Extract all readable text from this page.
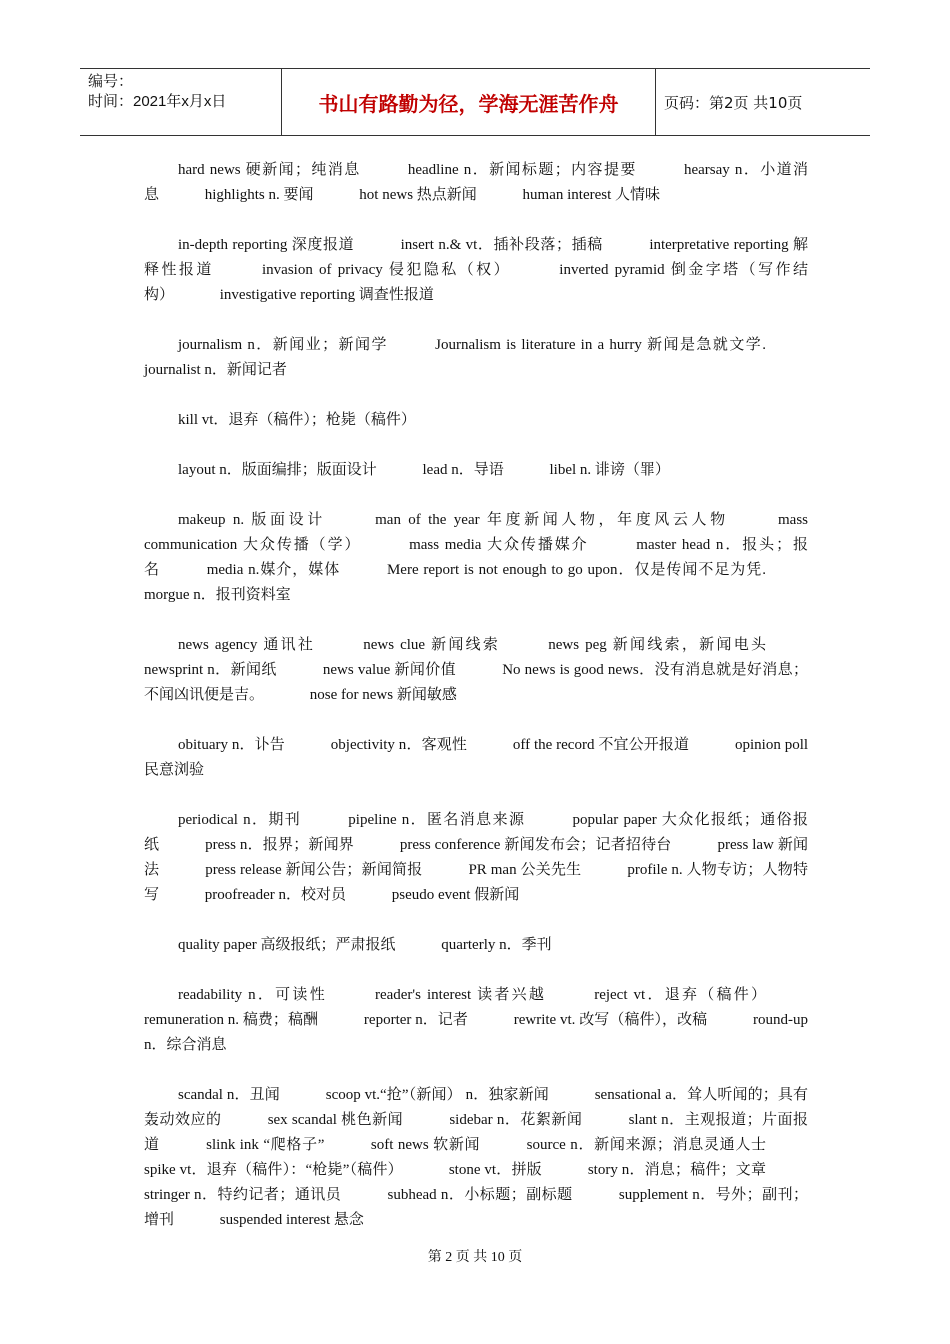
编号：
时间：2021年x月x日	书山有路勤为径，学海无涯苦作舟	页码：第2页 共10页

hard news 硬新闻；纯消息	headline n．新闻标题；内容提要	hearsay n．小道消息	highlights n. 要闻	hot news 热点新闻	human interest 人情味

in-depth reporting 深度报道	insert n.& vt．插补段落；插稿	interpretative reporting 解释性报道	invasion of privacy 侵犯隐私（权）	inverted pyramid 倒金字塔（写作结构）	investigative reporting 调查性报道

journalism n．新闻业；新闻学	Journalism is literature in a hurry 新闻是急就文学. journalist n．新闻记者

kill vt．退弃（稿件）；枪毙（稿件）

layout n．版面编排；版面设计	lead n．导语	libel n. 诽谤（罪）

makeup n. 版面设计	man of the year 年度新闻人物，年度风云人物	mass communication 大众传播（学）	mass media 大众传播媒介	master head n．报头；报名	media n.媒介，媒体	Mere report is not enough to go upon．仅是传闻不足为凭. morgue n．报刊资料室

news agency 通讯社	news clue 新闻线索	news peg 新闻线索，新闻电头 newsprint n．新闻纸	news value 新闻价值	No news is good news．没有消息就是好消息；不闻凶讯便是吉。	nose for news 新闻敏感

obituary n．讣告	objectivity n．客观性	off the record 不宜公开报道	opinion poll 民意浏验

periodical n．期刊	pipeline n．匿名消息来源	popular paper 大众化报纸；通俗报纸	press n．报界；新闻界	press conference 新闻发布会；记者招待台	press law 新闻法	press release 新闻公告；新闻简报	PR man 公关先生	profile n. 人物专访；人物特写	proofreader n．校对员	pseudo event 假新闻

quality paper 高级报纸；严肃报纸	quarterly n．季刊

readability n．可读性	reader's interest 读者兴越	reject vt．退弃（稿件） remuneration n. 稿费；稿酬	reporter n．记者	rewrite vt. 改写（稿件），改稿	round-up n．综合消息

scandal n．丑闻	scoop vt.“抢”（新闻） n．独家新闻	sensational a．耸人听闻的；具有轰动效应的	sex scandal 桃色新闻	sidebar n．花絮新闻	slant n．主观报道；片面报道	slink ink “爬格子”	soft news 软新闻	source n．新闻来源；消息灵通人士 spike vt．退弃（稿件）：“枪毙”（稿件）	stone vt．拼版	story n．消息；稿件；文章 stringer n．特约记者；通讯员	subhead n．小标题；副标题	supplement n．号外；副刊；增刊	suspended interest 悬念

第 2 页 共 10 页
